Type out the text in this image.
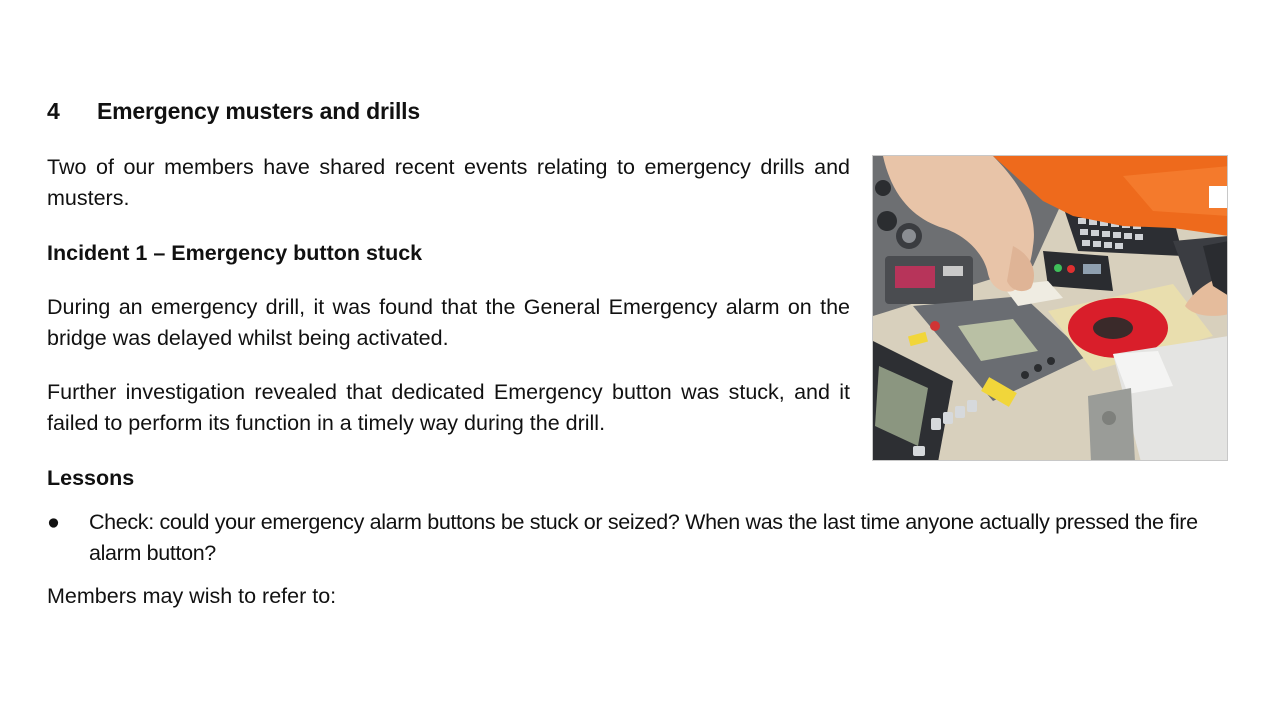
4 Emergency musters and drills
Two of our members have shared recent events relating to emergency drills and musters.
Incident 1 – Emergency button stuck
During an emergency drill, it was found that the General Emergency alarm on the bridge was delayed whilst being activated.
Further investigation revealed that dedicated Emergency button was stuck, and it failed to perform its function in a timely way during the drill.
Lessons
●	Check: could your emergency alarm buttons be stuck or seized? When was the last time anyone actually pressed the fire alarm button?
Members may wish to refer to:
